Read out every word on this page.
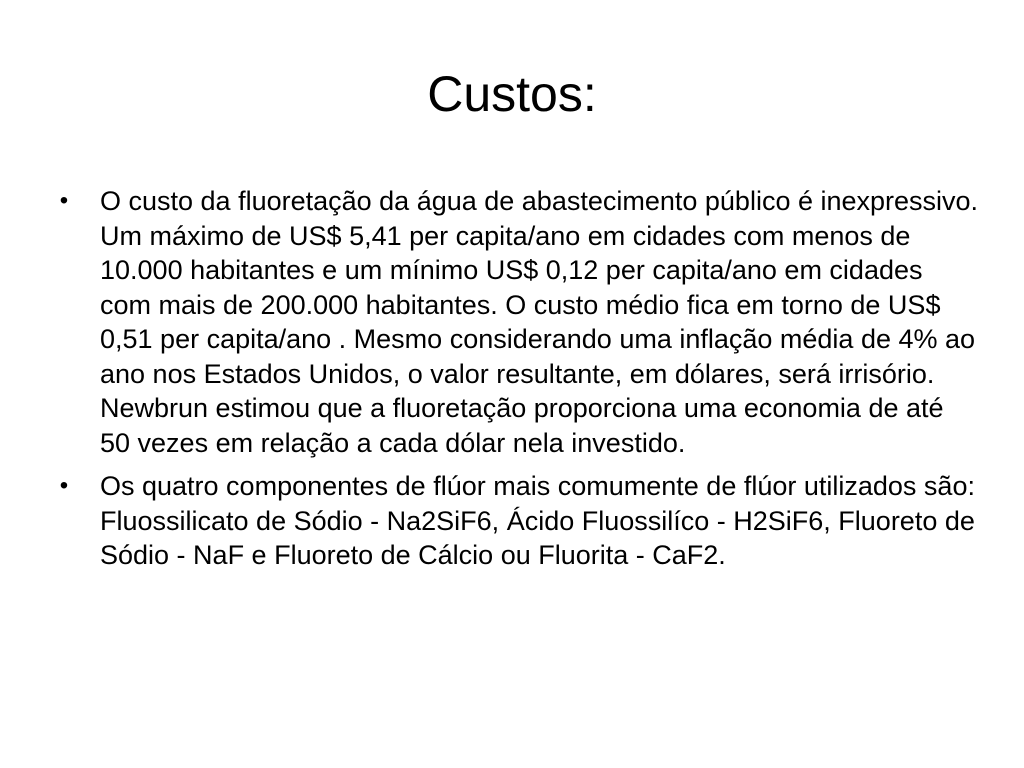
Custos:
• O custo da fluoretação da água de abastecimento público é inexpressivo. Um máximo de US$ 5,41 per capita/ano em cidades com menos de 10.000 habitantes e um mínimo US$ 0,12 per capita/ano em cidades com mais de 200.000 habitantes. O custo médio fica em torno de US$ 0,51 per capita/ano . Mesmo considerando uma inflação média de 4% ao ano nos Estados Unidos, o valor resultante, em dólares, será irrisório. Newbrun estimou que a fluoretação proporciona uma economia de até 50 vezes em relação a cada dólar nela investido.
• Os quatro componentes de flúor mais comumente de flúor utilizados são: Fluossilicato de Sódio - Na2SiF6, Ácido Fluossilíco - H2SiF6, Fluoreto de Sódio - NaF e Fluoreto de Cálcio ou Fluorita - CaF2.
